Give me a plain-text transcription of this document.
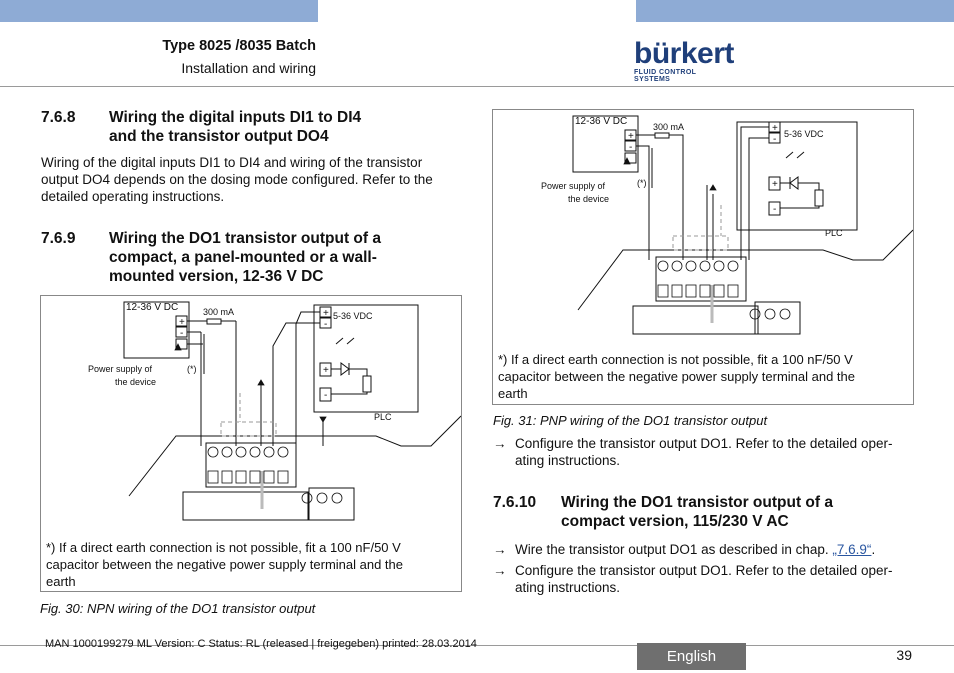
Type 8025 /8035 Batch
Installation and wiring	bürkert
FLUID CONTROL SYSTEMS
7.6.8 Wiring the digital inputs DI1 to DI4
and the transistor output DO4
Wiring of the digital inputs DI1 to DI4 and wiring of the transistor
output DO4 depends on the dosing mode configured. Refer to the
detailed operating instructions.
7.6.9 Wiring the DO1 transistor output of a
compact, a panel-mounted or a wall-
mounted version, 12-36 V DC
12-36 V DC	300 mA	5-36 VDC
Power supply of
the device
(*)
PLC
+
-
+
-
+
-
*) If a direct earth connection is not possible, fit a 100 nF/50 V
capacitor between the negative power supply terminal and the
earth
Fig. 30: NPN wiring of the DO1 transistor output
12-36 V DC	300 mA
5-36 VDC
Power supply of
the device
(*)
PLC
+
-
+
-
+
-
*) If a direct earth connection is not possible, fit a 100 nF/50 V
capacitor between the negative power supply terminal and the
earth
Fig. 31: PNP wiring of the DO1 transistor output
→ Configure the transistor output DO1. Refer to the detailed oper-
ating instructions.
7.6.10 Wiring the DO1 transistor output of a
compact version, 115/230 V AC
→ Wire the transistor output DO1 as described in chap. „7.6.9“.
→ Configure the transistor output DO1. Refer to the detailed oper-
ating instructions.
MAN 1000199279 ML Version: C Status: RL (released | freigegeben) printed: 28.03.2014
English	39
